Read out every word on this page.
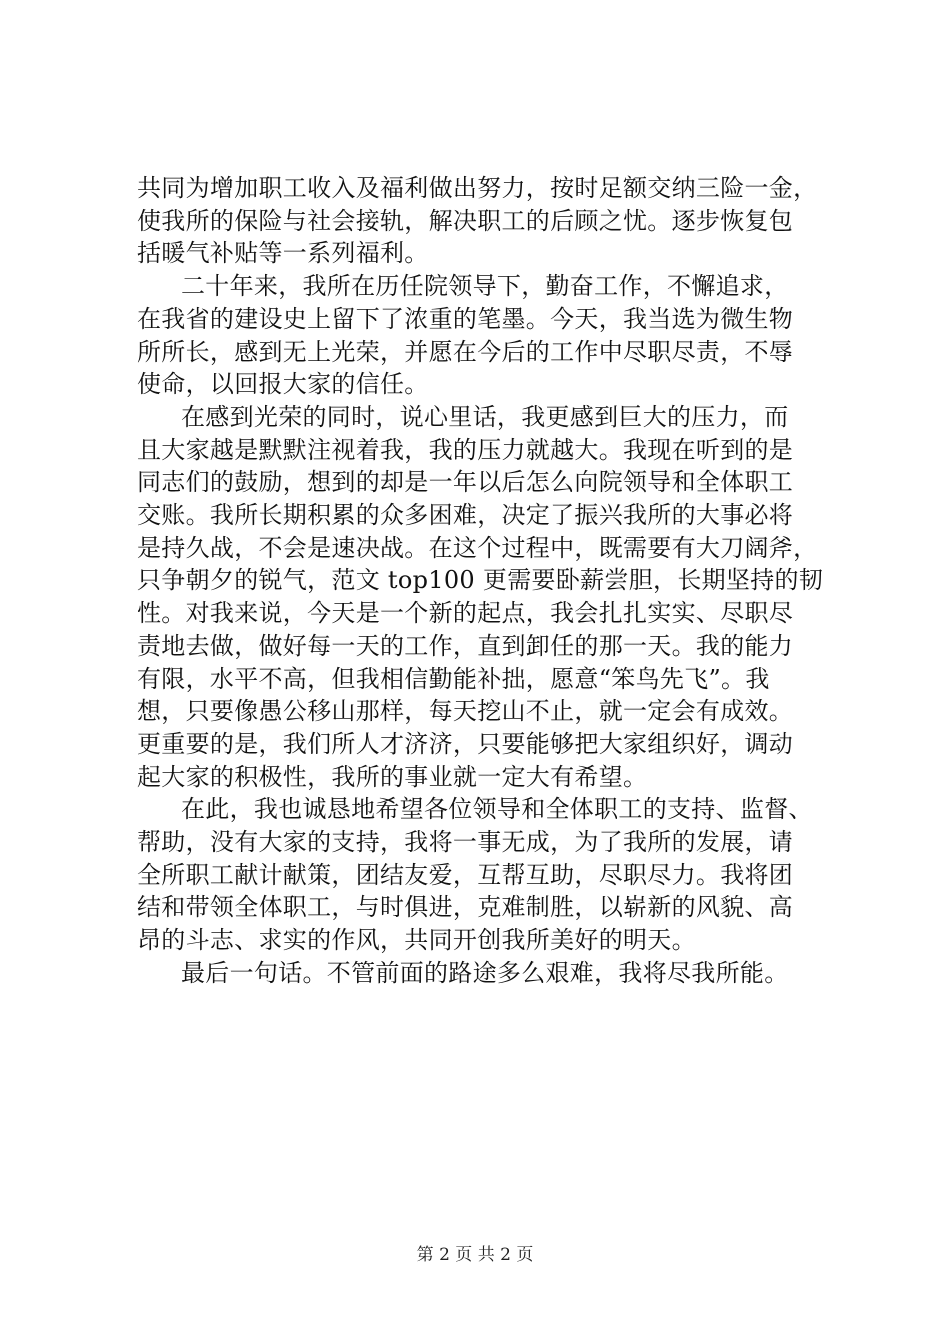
共同为增加职工收入及福利做出努力，按时足额交纳三险一金，
使我所的保险与社会接轨，解决职工的后顾之忧。逐步恢复包
括暖气补贴等一系列福利。
二十年来，我所在历任院领导下，勤奋工作，不懈追求，
在我省的建设史上留下了浓重的笔墨。今天，我当选为微生物
所所长，感到无上光荣，并愿在今后的工作中尽职尽责，不辱
使命，以回报大家的信任。
在感到光荣的同时，说心里话，我更感到巨大的压力，而
且大家越是默默注视着我，我的压力就越大。我现在听到的是
同志们的鼓励，想到的却是一年以后怎么向院领导和全体职工
交账。我所长期积累的众多困难，决定了振兴我所的大事必将
是持久战，不会是速决战。在这个过程中，既需要有大刀阔斧，
只争朝夕的锐气，范文 top100 更需要卧薪尝胆，长期坚持的韧
性。对我来说，今天是一个新的起点，我会扎扎实实、尽职尽
责地去做，做好每一天的工作，直到卸任的那一天。我的能力
有限，水平不高，但我相信勤能补拙，愿意“笨鸟先飞”。我
想，只要像愚公移山那样，每天挖山不止，就一定会有成效。
更重要的是，我们所人才济济，只要能够把大家组织好，调动
起大家的积极性，我所的事业就一定大有希望。
在此，我也诚恳地希望各位领导和全体职工的支持、监督、
帮助，没有大家的支持，我将一事无成，为了我所的发展，请
全所职工献计献策，团结友爱，互帮互助，尽职尽力。我将团
结和带领全体职工，与时俱进，克难制胜，以崭新的风貌、高
昂的斗志、求实的作风，共同开创我所美好的明天。
最后一句话。不管前面的路途多么艰难，我将尽我所能。
第 2 页 共 2 页
